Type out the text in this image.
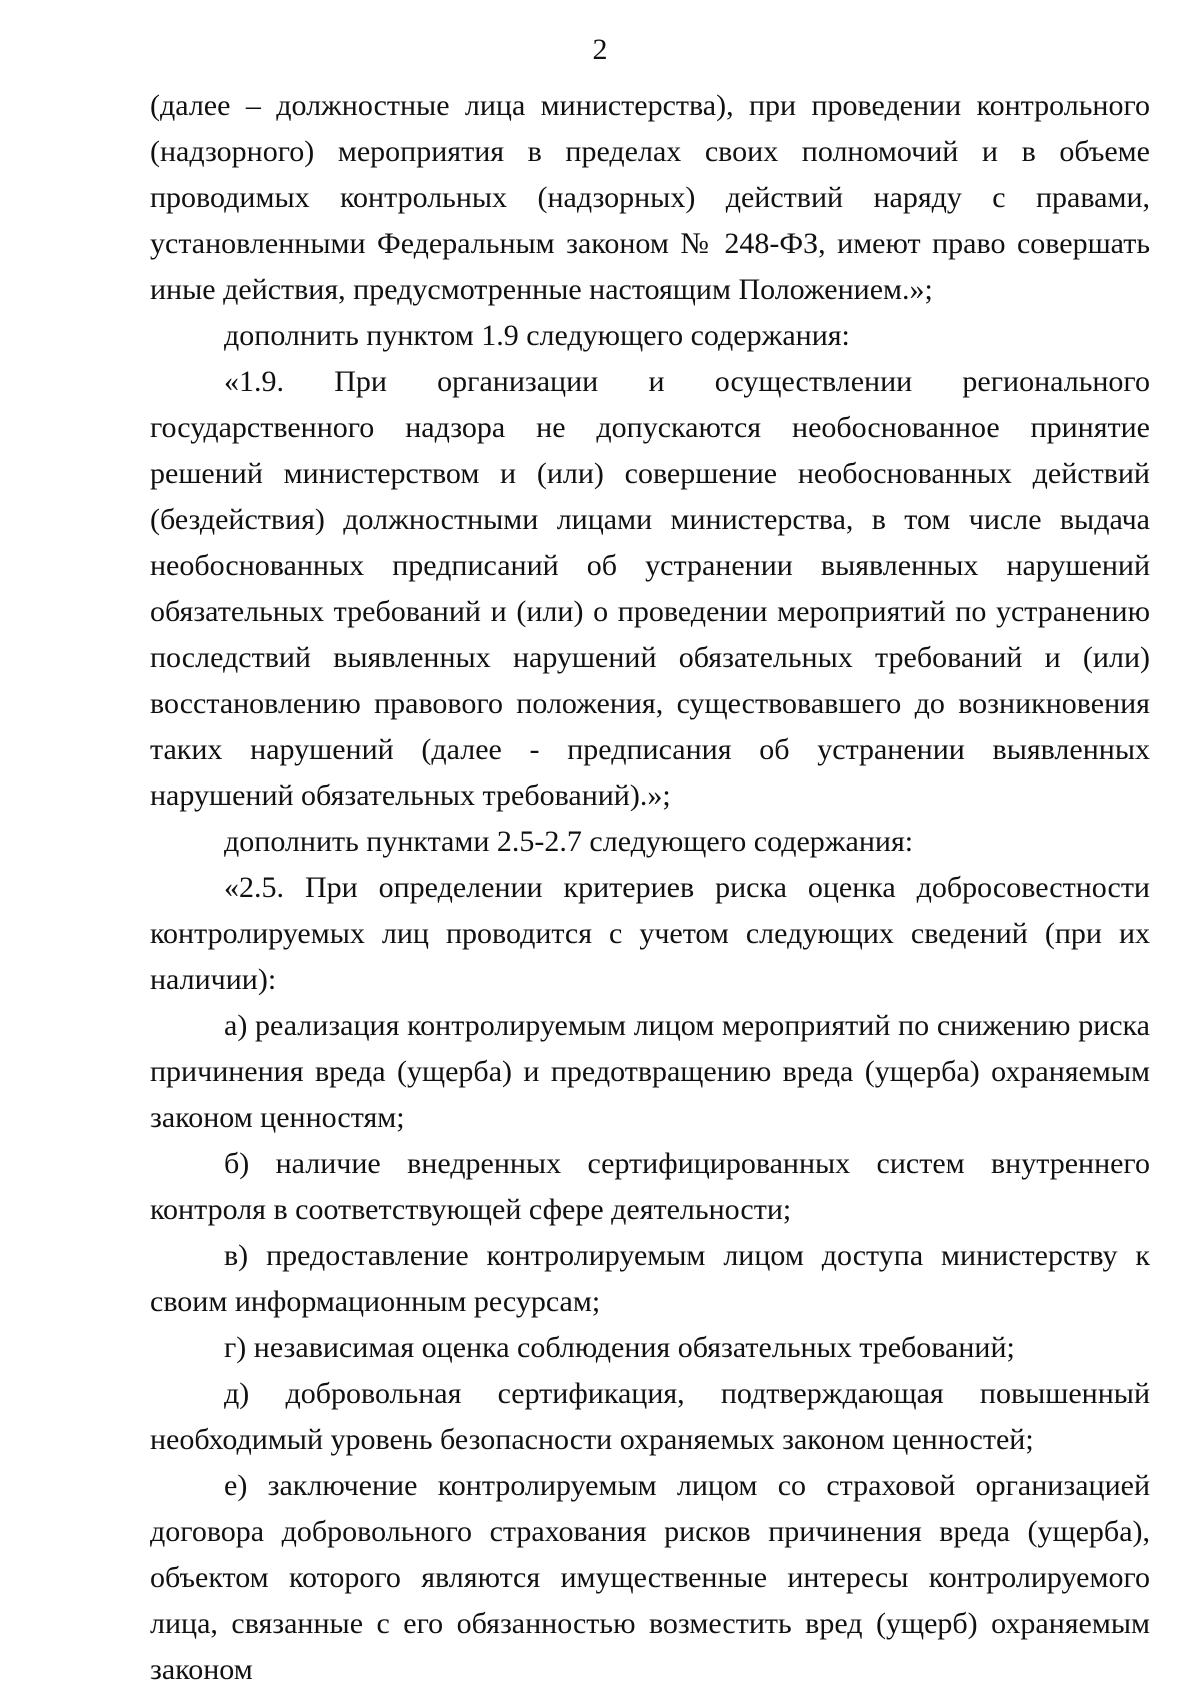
2

(далее – должностные лица министерства), при проведении контрольного (надзорного) мероприятия в пределах своих полномочий и в объеме проводимых контрольных (надзорных) действий наряду с правами, установленными Федеральным законом № 248-ФЗ, имеют право совершать иные действия, предусмотренные настоящим Положением.»;

дополнить пунктом 1.9 следующего содержания:

«1.9. При организации и осуществлении регионального государственного надзора не допускаются необоснованное принятие решений министерством и (или) совершение необоснованных действий (бездействия) должностными лицами министерства, в том числе выдача необоснованных предписаний об устранении выявленных нарушений обязательных требований и (или) о проведении мероприятий по устранению последствий выявленных нарушений обязательных требований и (или) восстановлению правового положения, существовавшего до возникновения таких нарушений (далее - предписания об устранении выявленных нарушений обязательных требований).»;

дополнить пунктами 2.5-2.7 следующего содержания:

«2.5. При определении критериев риска оценка добросовестности контролируемых лиц проводится с учетом следующих сведений (при их наличии):

а) реализация контролируемым лицом мероприятий по снижению риска причинения вреда (ущерба) и предотвращению вреда (ущерба) охраняемым законом ценностям;

б) наличие внедренных сертифицированных систем внутреннего контроля в соответствующей сфере деятельности;

в) предоставление контролируемым лицом доступа министерству к своим информационным ресурсам;

г) независимая оценка соблюдения обязательных требований;

д) добровольная сертификация, подтверждающая повышенный необходимый уровень безопасности охраняемых законом ценностей;

е) заключение контролируемым лицом со страховой организацией договора добровольного страхования рисков причинения вреда (ущерба), объектом которого являются имущественные интересы контролируемого лица, связанные с его обязанностью возместить вред (ущерб) охраняемым законом
